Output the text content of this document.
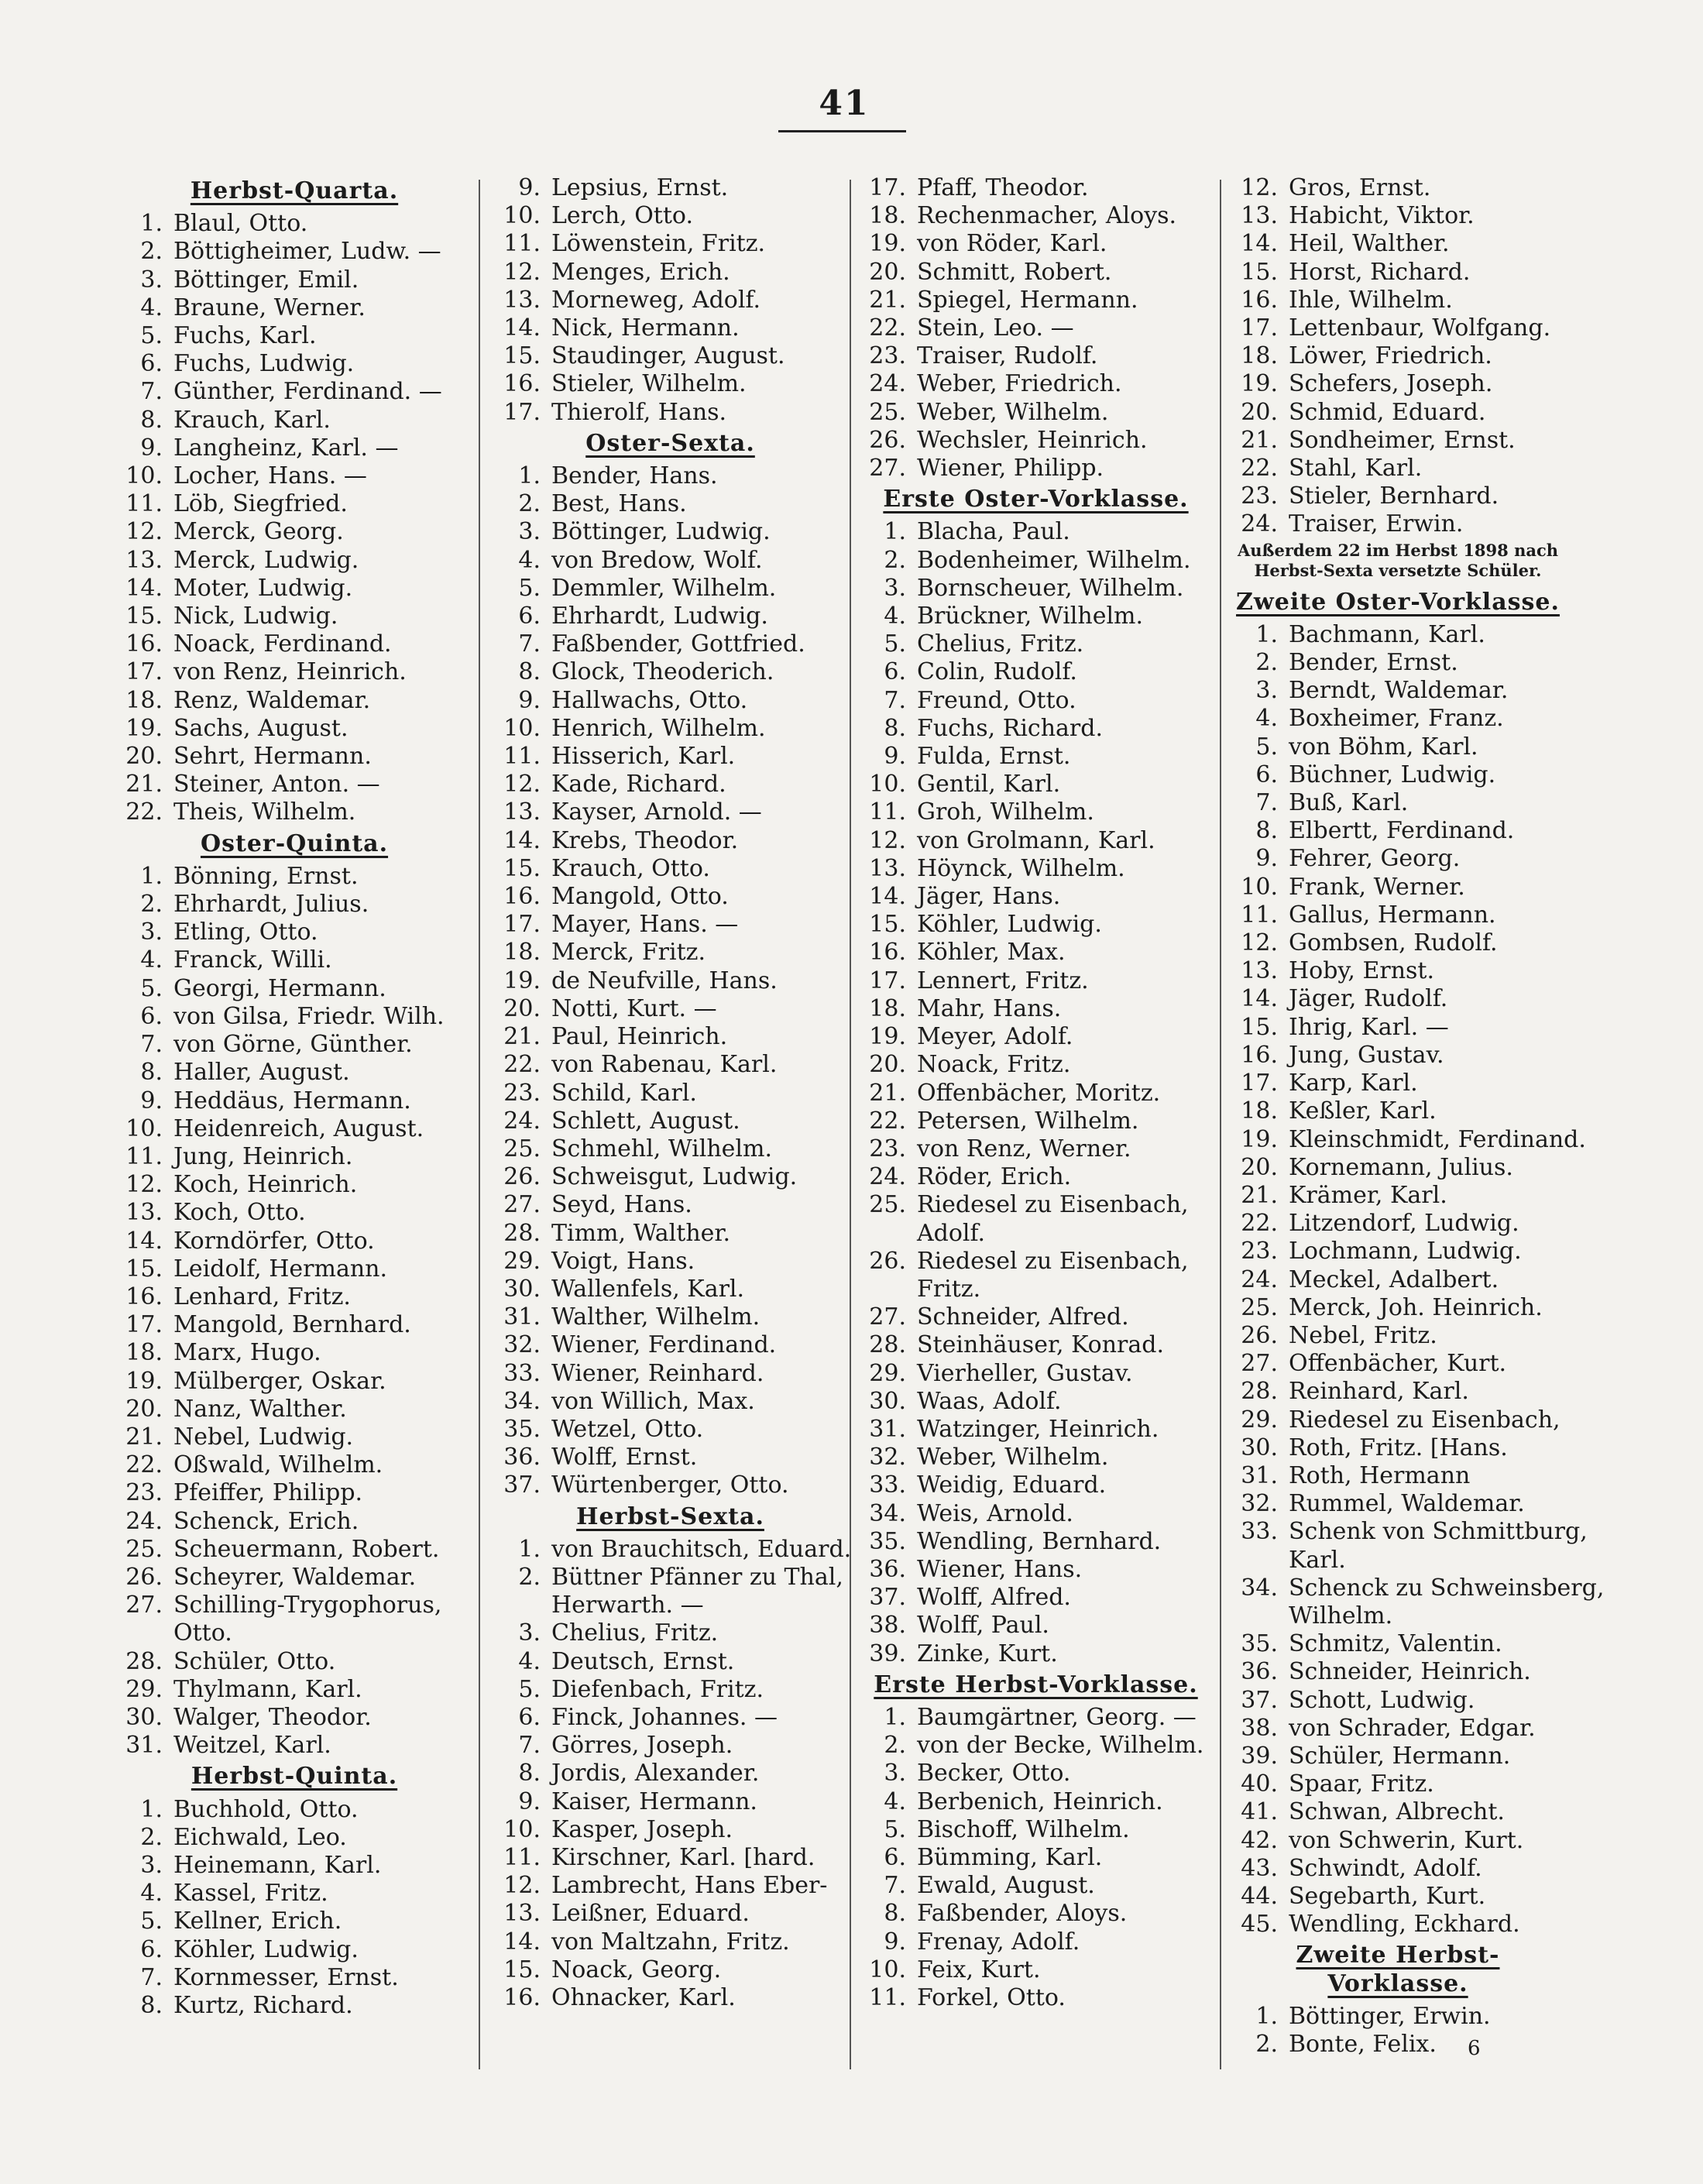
41
Herbst-Quarta.
1. Blaul, Otto.
2. Böttigheimer, Ludw. —
3. Böttinger, Emil.
4. Braune, Werner.
5. Fuchs, Karl.
6. Fuchs, Ludwig.
7. Günther, Ferdinand. —
8. Krauch, Karl.
9. Langheinz, Karl. —
10. Locher, Hans. —
11. Löb, Siegfried.
12. Merck, Georg.
13. Merck, Ludwig.
14. Moter, Ludwig.
15. Nick, Ludwig.
16. Noack, Ferdinand.
17. von Renz, Heinrich.
18. Renz, Waldemar.
19. Sachs, August.
20. Sehrt, Hermann.
21. Steiner, Anton. —
22. Theis, Wilhelm.
Oster-Quinta.
1. Bönning, Ernst.
2. Ehrhardt, Julius.
3. Etling, Otto.
4. Franck, Willi.
5. Georgi, Hermann.
6. von Gilsa, Friedr. Wilh.
7. von Görne, Günther.
8. Haller, August.
9. Heddäus, Hermann.
10. Heidenreich, August.
11. Jung, Heinrich.
12. Koch, Heinrich.
13. Koch, Otto.
14. Korndörfer, Otto.
15. Leidolf, Hermann.
16. Lenhard, Fritz.
17. Mangold, Bernhard.
18. Marx, Hugo.
19. Mülberger, Oskar.
20. Nanz, Walther.
21. Nebel, Ludwig.
22. Oßwald, Wilhelm.
23. Pfeiffer, Philipp.
24. Schenck, Erich.
25. Scheuermann, Robert.
26. Scheyrer, Waldemar.
27. Schilling-Trygophorus,
Otto.
28. Schüler, Otto.
29. Thylmann, Karl.
30. Walger, Theodor.
31. Weitzel, Karl.
Herbst-Quinta.
1. Buchhold, Otto.
2. Eichwald, Leo.
3. Heinemann, Karl.
4. Kassel, Fritz.
5. Kellner, Erich.
6. Köhler, Ludwig.
7. Kornmesser, Ernst.
8. Kurtz, Richard.
9. Lepsius, Ernst.
10. Lerch, Otto.
11. Löwenstein, Fritz.
12. Menges, Erich.
13. Morneweg, Adolf.
14. Nick, Hermann.
15. Staudinger, August.
16. Stieler, Wilhelm.
17. Thierolf, Hans.
Oster-Sexta.
1. Bender, Hans.
2. Best, Hans.
3. Böttinger, Ludwig.
4. von Bredow, Wolf.
5. Demmler, Wilhelm.
6. Ehrhardt, Ludwig.
7. Faßbender, Gottfried.
8. Glock, Theoderich.
9. Hallwachs, Otto.
10. Henrich, Wilhelm.
11. Hisserich, Karl.
12. Kade, Richard.
13. Kayser, Arnold. —
14. Krebs, Theodor.
15. Krauch, Otto.
16. Mangold, Otto.
17. Mayer, Hans. —
18. Merck, Fritz.
19. de Neufville, Hans.
20. Notti, Kurt. —
21. Paul, Heinrich.
22. von Rabenau, Karl.
23. Schild, Karl.
24. Schlett, August.
25. Schmehl, Wilhelm.
26. Schweisgut, Ludwig.
27. Seyd, Hans.
28. Timm, Walther.
29. Voigt, Hans.
30. Wallenfels, Karl.
31. Walther, Wilhelm.
32. Wiener, Ferdinand.
33. Wiener, Reinhard.
34. von Willich, Max.
35. Wetzel, Otto.
36. Wolff, Ernst.
37. Würtenberger, Otto.
Herbst-Sexta.
1. von Brauchitsch, Eduard.
2. Büttner Pfänner zu Thal,
Herwarth. —
3. Chelius, Fritz.
4. Deutsch, Ernst.
5. Diefenbach, Fritz.
6. Finck, Johannes. —
7. Görres, Joseph.
8. Jordis, Alexander.
9. Kaiser, Hermann.
10. Kasper, Joseph.
11. Kirschner, Karl. [hard.
12. Lambrecht, Hans Eber-
13. Leißner, Eduard.
14. von Maltzahn, Fritz.
15. Noack, Georg.
16. Ohnacker, Karl.
17. Pfaff, Theodor.
18. Rechenmacher, Aloys.
19. von Röder, Karl.
20. Schmitt, Robert.
21. Spiegel, Hermann.
22. Stein, Leo. —
23. Traiser, Rudolf.
24. Weber, Friedrich.
25. Weber, Wilhelm.
26. Wechsler, Heinrich.
27. Wiener, Philipp.
Erste Oster-Vorklasse.
1. Blacha, Paul.
2. Bodenheimer, Wilhelm.
3. Bornscheuer, Wilhelm.
4. Brückner, Wilhelm.
5. Chelius, Fritz.
6. Colin, Rudolf.
7. Freund, Otto.
8. Fuchs, Richard.
9. Fulda, Ernst.
10. Gentil, Karl.
11. Groh, Wilhelm.
12. von Grolmann, Karl.
13. Höynck, Wilhelm.
14. Jäger, Hans.
15. Köhler, Ludwig.
16. Köhler, Max.
17. Lennert, Fritz.
18. Mahr, Hans.
19. Meyer, Adolf.
20. Noack, Fritz.
21. Offenbächer, Moritz.
22. Petersen, Wilhelm.
23. von Renz, Werner.
24. Röder, Erich.
25. Riedesel zu Eisenbach,
Adolf.
26. Riedesel zu Eisenbach,
Fritz.
27. Schneider, Alfred.
28. Steinhäuser, Konrad.
29. Vierheller, Gustav.
30. Waas, Adolf.
31. Watzinger, Heinrich.
32. Weber, Wilhelm.
33. Weidig, Eduard.
34. Weis, Arnold.
35. Wendling, Bernhard.
36. Wiener, Hans.
37. Wolff, Alfred.
38. Wolff, Paul.
39. Zinke, Kurt.
Erste Herbst-Vorklasse.
1. Baumgärtner, Georg. —
2. von der Becke, Wilhelm.
3. Becker, Otto.
4. Berbenich, Heinrich.
5. Bischoff, Wilhelm.
6. Bümming, Karl.
7. Ewald, August.
8. Faßbender, Aloys.
9. Frenay, Adolf.
10. Feix, Kurt.
11. Forkel, Otto.
12. Gros, Ernst.
13. Habicht, Viktor.
14. Heil, Walther.
15. Horst, Richard.
16. Ihle, Wilhelm.
17. Lettenbaur, Wolfgang.
18. Löwer, Friedrich.
19. Schefers, Joseph.
20. Schmid, Eduard.
21. Sondheimer, Ernst.
22. Stahl, Karl.
23. Stieler, Bernhard.
24. Traiser, Erwin.
Außerdem 22 im Herbst 1898 nach
Herbst-Sexta versetzte Schüler.
Zweite Oster-Vorklasse.
1. Bachmann, Karl.
2. Bender, Ernst.
3. Berndt, Waldemar.
4. Boxheimer, Franz.
5. von Böhm, Karl.
6. Büchner, Ludwig.
7. Buß, Karl.
8. Elbertt, Ferdinand.
9. Fehrer, Georg.
10. Frank, Werner.
11. Gallus, Hermann.
12. Gombsen, Rudolf.
13. Hoby, Ernst.
14. Jäger, Rudolf.
15. Ihrig, Karl. —
16. Jung, Gustav.
17. Karp, Karl.
18. Keßler, Karl.
19. Kleinschmidt, Ferdinand.
20. Kornemann, Julius.
21. Krämer, Karl.
22. Litzendorf, Ludwig.
23. Lochmann, Ludwig.
24. Meckel, Adalbert.
25. Merck, Joh. Heinrich.
26. Nebel, Fritz.
27. Offenbächer, Kurt.
28. Reinhard, Karl.
29. Riedesel zu Eisenbach,
30. Roth, Fritz. [Hans.
31. Roth, Hermann
32. Rummel, Waldemar.
33. Schenk von Schmittburg,
Karl.
34. Schenck zu Schweinsberg,
Wilhelm.
35. Schmitz, Valentin.
36. Schneider, Heinrich.
37. Schott, Ludwig.
38. von Schrader, Edgar.
39. Schüler, Hermann.
40. Spaar, Fritz.
41. Schwan, Albrecht.
42. von Schwerin, Kurt.
43. Schwindt, Adolf.
44. Segebarth, Kurt.
45. Wendling, Eckhard.
Zweite Herbst-Vorklasse.
1. Böttinger, Erwin.
2. Bonte, Felix. 6
